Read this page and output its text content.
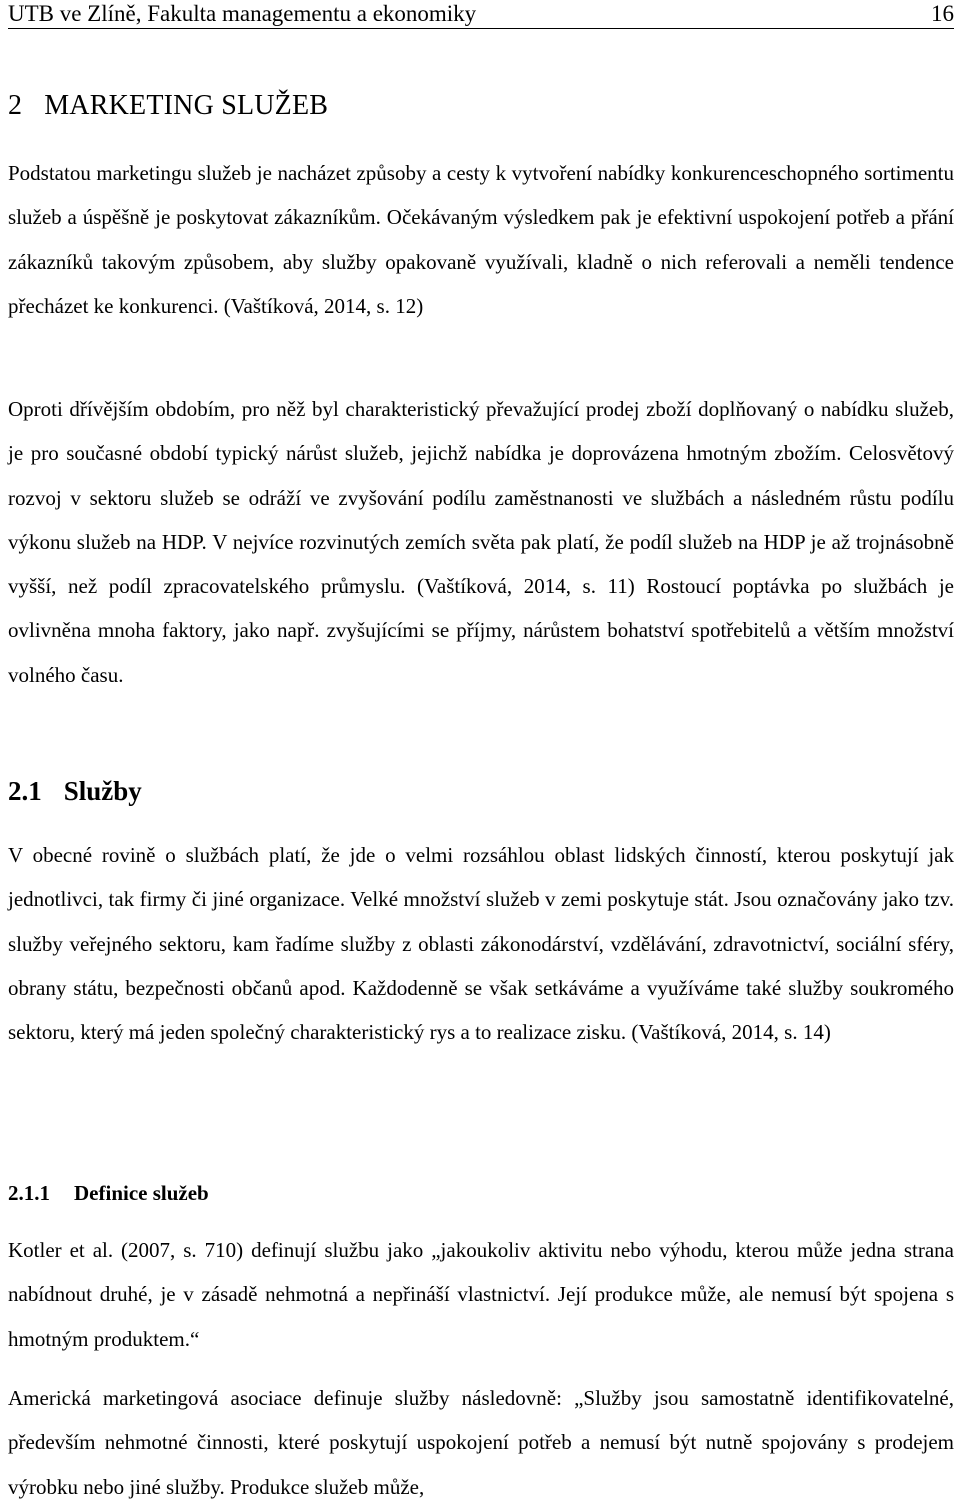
UTB ve Zlíně, Fakulta managementu a ekonomiky	16
2 MARKETING SLUŽEB

Podstatou marketingu služeb je nacházet způsoby a cesty k vytvoření nabídky konkurenceschopného sortimentu služeb a úspěšně je poskytovat zákazníkům. Očekávaným výsledkem pak je efektivní uspokojení potřeb a přání zákazníků takovým způsobem, aby služby opakovaně využívali, kladně o nich referovali a neměli tendence přecházet ke konkurenci. (Vaštíková, 2014, s. 12)

Oproti dřívějším obdobím, pro něž byl charakteristický převažující prodej zboží doplňovaný o nabídku služeb, je pro současné období typický nárůst služeb, jejichž nabídka je doprovázena hmotným zbožím. Celosvětový rozvoj v sektoru služeb se odráží ve zvyšování podílu zaměstnanosti ve službách a následném růstu podílu výkonu služeb na HDP. V nejvíce rozvinutých zemích světa pak platí, že podíl služeb na HDP je až trojnásobně vyšší, než podíl zpracovatelského průmyslu. (Vaštíková, 2014, s. 11) Rostoucí poptávka po službách je ovlivněna mnoha faktory, jako např. zvyšujícími se příjmy, nárůstem bohatství spotřebitelů a větším množství volného času.

2.1 Služby

V obecné rovině o službách platí, že jde o velmi rozsáhlou oblast lidských činností, kterou poskytují jak jednotlivci, tak firmy či jiné organizace. Velké množství služeb v zemi poskytuje stát. Jsou označovány jako tzv. služby veřejného sektoru, kam řadíme služby z oblasti zákonodárství, vzdělávání, zdravotnictví, sociální sféry, obrany státu, bezpečnosti občanů apod. Každodenně se však setkáváme a využíváme také služby soukromého sektoru, který má jeden společný charakteristický rys a to realizace zisku. (Vaštíková, 2014, s. 14)

2.1.1 Definice služeb

Kotler et al. (2007, s. 710) definují službu jako „jakoukoliv aktivitu nebo výhodu, kterou může jedna strana nabídnout druhé, je v zásadě nehmotná a nepřináší vlastnictví. Její produkce může, ale nemusí být spojena s hmotným produktem.“

Americká marketingová asociace definuje služby následovně: „Služby jsou samostatně identifikovatelné, především nehmotné činnosti, které poskytují uspokojení potřeb a nemusí být nutně spojovány s prodejem výrobku nebo jiné služby. Produkce služeb může,
